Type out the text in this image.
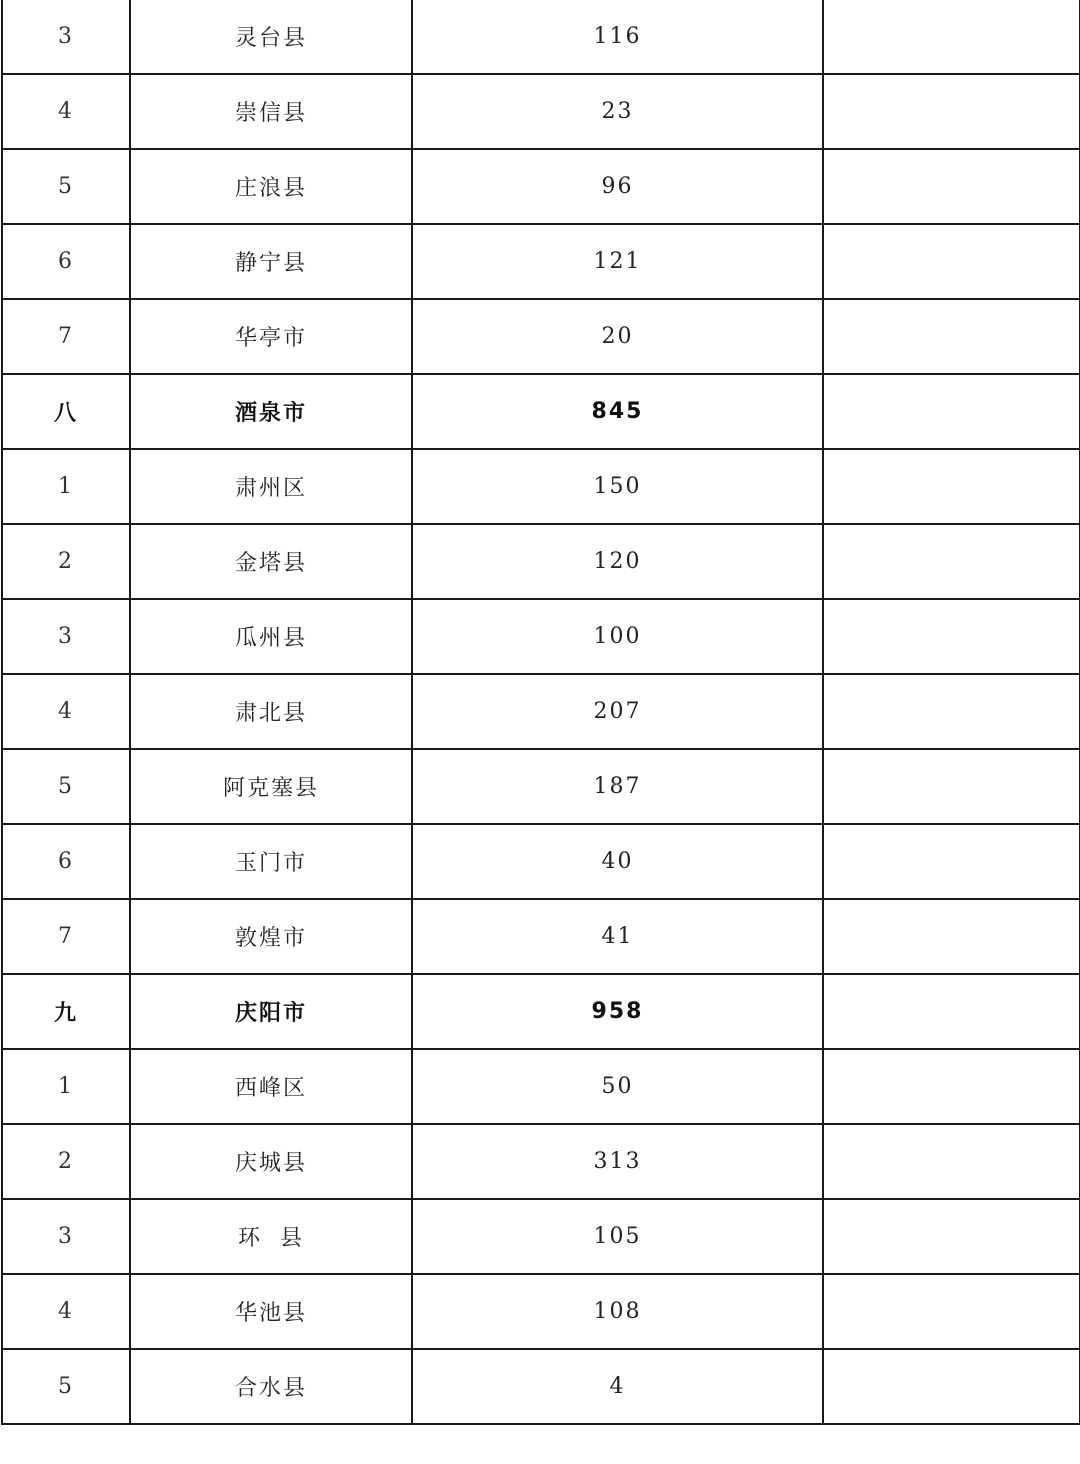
3	灵台县	116	
4	崇信县	23	
5	庄浪县	96	
6	静宁县	121	
7	华亭市	20	
八	酒泉市	845	
1	肃州区	150	
2	金塔县	120	
3	瓜州县	100	
4	肃北县	207	
5	阿克塞县	187	
6	玉门市	40	
7	敦煌市	41	
九	庆阳市	958	
1	西峰区	50	
2	庆城县	313	
3	环  县	105	
4	华池县	108	
5	合水县	4	
